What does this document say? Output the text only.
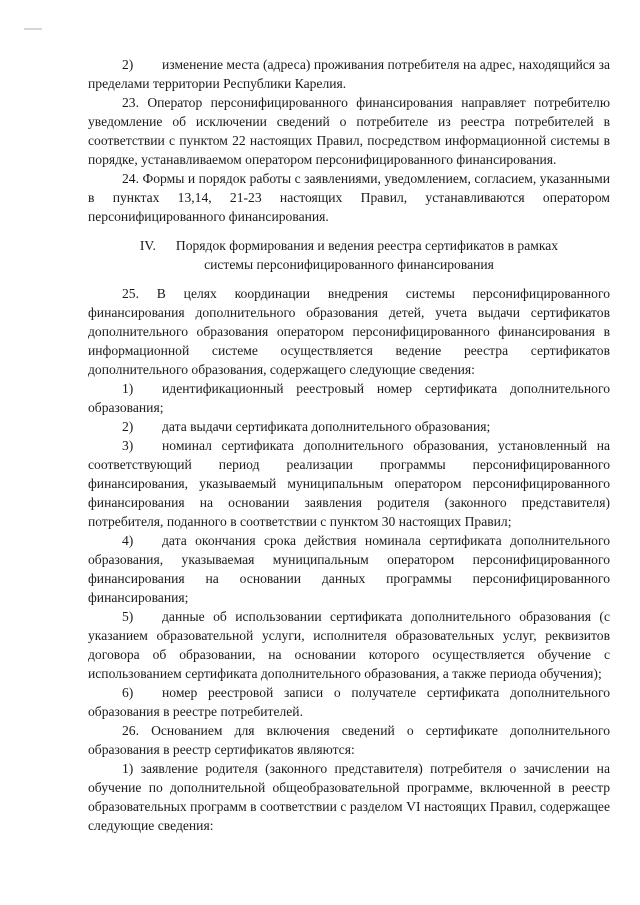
2) изменение места (адреса) проживания потребителя на адрес, находящийся за пределами территории Республики Карелия.

23. Оператор персонифицированного финансирования направляет потребителю уведомление об исключении сведений о потребителе из реестра потребителей в соответствии с пунктом 22 настоящих Правил, посредством информационной системы в порядке, устанавливаемом оператором персонифицированного финансирования.

24. Формы и порядок работы с заявлениями, уведомлением, согласием, указанными в пунктах 13,14, 21-23 настоящих Правил, устанавливаются оператором персонифицированного финансирования.

IV. Порядок формирования и ведения реестра сертификатов в рамках
системы персонифицированного финансирования

25. В целях координации внедрения системы персонифицированного финансирования дополнительного образования детей, учета выдачи сертификатов дополнительного образования оператором персонифицированного финансирования в информационной системе осуществляется ведение реестра сертификатов дополнительного образования, содержащего следующие сведения:

1) идентификационный реестровый номер сертификата дополнительного образования;

2) дата выдачи сертификата дополнительного образования;

3) номинал сертификата дополнительного образования, установленный на соответствующий период реализации программы персонифицированного финансирования, указываемый муниципальным оператором персонифицированного финансирования на основании заявления родителя (законного представителя) потребителя, поданного в соответствии с пунктом 30 настоящих Правил;

4) дата окончания срока действия номинала сертификата дополнительного образования, указываемая муниципальным оператором персонифицированного финансирования на основании данных программы персонифицированного финансирования;

5) данные об использовании сертификата дополнительного образования (с указанием образовательной услуги, исполнителя образовательных услуг, реквизитов договора об образовании, на основании которого осуществляется обучение с использованием сертификата дополнительного образования, а также периода обучения);

6) номер реестровой записи о получателе сертификата дополнительного образования в реестре потребителей.

26. Основанием для включения сведений о сертификате дополнительного образования в реестр сертификатов являются:

1) заявление родителя (законного представителя) потребителя о зачислении на обучение по дополнительной общеобразовательной программе, включенной в реестр образовательных программ в соответствии с разделом VI настоящих Правил, содержащее следующие сведения:
